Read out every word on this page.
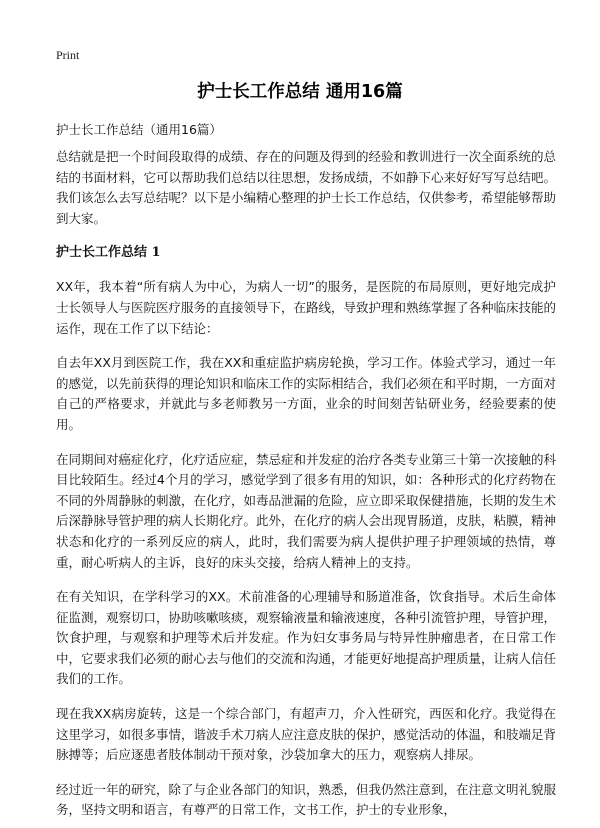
Print
护士长工作总结 通用16篇

护士长工作总结（通用16篇）

总结就是把一个时间段取得的成绩、存在的问题及得到的经验和教训进行一次全面系统的总结的书面材料，它可以帮助我们总结以往思想，发扬成绩，不如静下心来好好写写总结吧。我们该怎么去写总结呢？以下是小编精心整理的护士长工作总结，仅供参考，希望能够帮助到大家。

护士长工作总结 1

XX年，我本着“所有病人为中心，为病人一切”的服务，是医院的布局原则，更好地完成护士长领导人与医院医疗服务的直接领导下，在路线，导致护理和熟练掌握了各种临床技能的运作，现在工作了以下结论：

自去年XX月到医院工作，我在XX和重症监护病房轮换，学习工作。体验式学习，通过一年的感觉，以先前获得的理论知识和临床工作的实际相结合，我们必须在和平时期，一方面对自己的严格要求，并就此与多老师教另一方面，业余的时间刻苦钻研业务，经验要素的使用。

在同期间对癌症化疗，化疗适应症，禁忌症和并发症的治疗各类专业第三十第一次接触的科目比较陌生。经过4个月的学习，感觉学到了很多有用的知识，如：各种形式的化疗药物在不同的外周静脉的刺激，在化疗，如毒品泄漏的危险，应立即采取保健措施，长期的发生术后深静脉导管护理的病人长期化疗。此外，在化疗的病人会出现胃肠道，皮肤，粘膜，精神状态和化疗的一系列反应的病人，此时，我们需要为病人提供护理子护理领域的热情，尊重，耐心听病人的主诉，良好的床头交接，给病人精神上的支持。

在有关知识，在学科学习的XX。术前准备的心理辅导和肠道准备，饮食指导。术后生命体征监测，观察切口，协助咳嗽咳痰，观察输液量和输液速度，各种引流管护理，导管护理，饮食护理，与观察和护理等术后并发症。作为妇女事务局与特异性肿瘤患者，在日常工作中，它要求我们必须的耐心去与他们的交流和沟通，才能更好地提高护理质量，让病人信任我们的工作。

现在我XX病房旋转，这是一个综合部门，有超声刀，介入性研究，西医和化疗。我觉得在这里学习，如很多事情，谐波手术刀病人应注意皮肤的保护，感觉活动的体温，和肢端足背脉搏等；后应逐患者肢体制动干预对象，沙袋加拿大的压力，观察病人排尿。

经过近一年的研究，除了与企业各部门的知识，熟悉，但我仍然注意到，在注意文明礼貌服务，坚持文明和语言，有尊严的日常工作，文书工作，护士的专业形象，
